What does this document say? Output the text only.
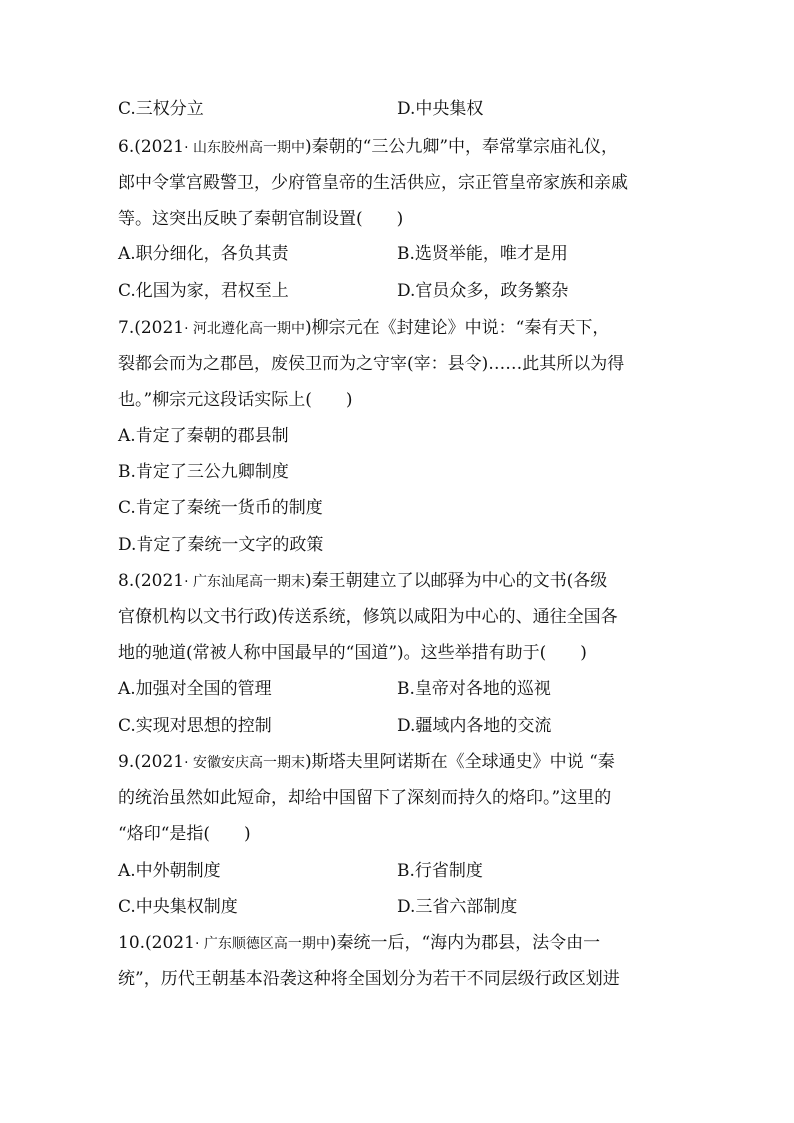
C.三权分立	D.中央集权
6.(2021· 山东胶州高一期中)秦朝的“三公九卿”中，奉常掌宗庙礼仪，
郎中令掌宫殿警卫，少府管皇帝的生活供应，宗正管皇帝家族和亲戚
等。这突出反映了秦朝官制设置(　　)
A.职分细化，各负其责	B.选贤举能，唯才是用
C.化国为家，君权至上	D.官员众多，政务繁杂
7.(2021· 河北遵化高一期中)柳宗元在《封建论》中说：“秦有天下，
裂都会而为之郡邑，废侯卫而为之守宰(宰：县令)……此其所以为得
也。”柳宗元这段话实际上(　　)
A.肯定了秦朝的郡县制
B.肯定了三公九卿制度
C.肯定了秦统一货币的制度
D.肯定了秦统一文字的政策
8.(2021· 广东汕尾高一期末)秦王朝建立了以邮驿为中心的文书(各级
官僚机构以文书行政)传送系统，修筑以咸阳为中心的、通往全国各
地的驰道(常被人称中国最早的“国道”)。这些举措有助于(　　)
A.加强对全国的管理	B.皇帝对各地的巡视
C.实现对思想的控制	D.疆域内各地的交流
9.(2021· 安徽安庆高一期末)斯塔夫里阿诺斯在《全球通史》中说 “秦
的统治虽然如此短命，却给中国留下了深刻而持久的烙印。”这里的
“烙印“是指(　　)
A.中外朝制度	B.行省制度
C.中央集权制度	D.三省六部制度
10.(2021· 广东顺德区高一期中)秦统一后，“海内为郡县，法令由一
统”，历代王朝基本沿袭这种将全国划分为若干不同层级行政区划进
